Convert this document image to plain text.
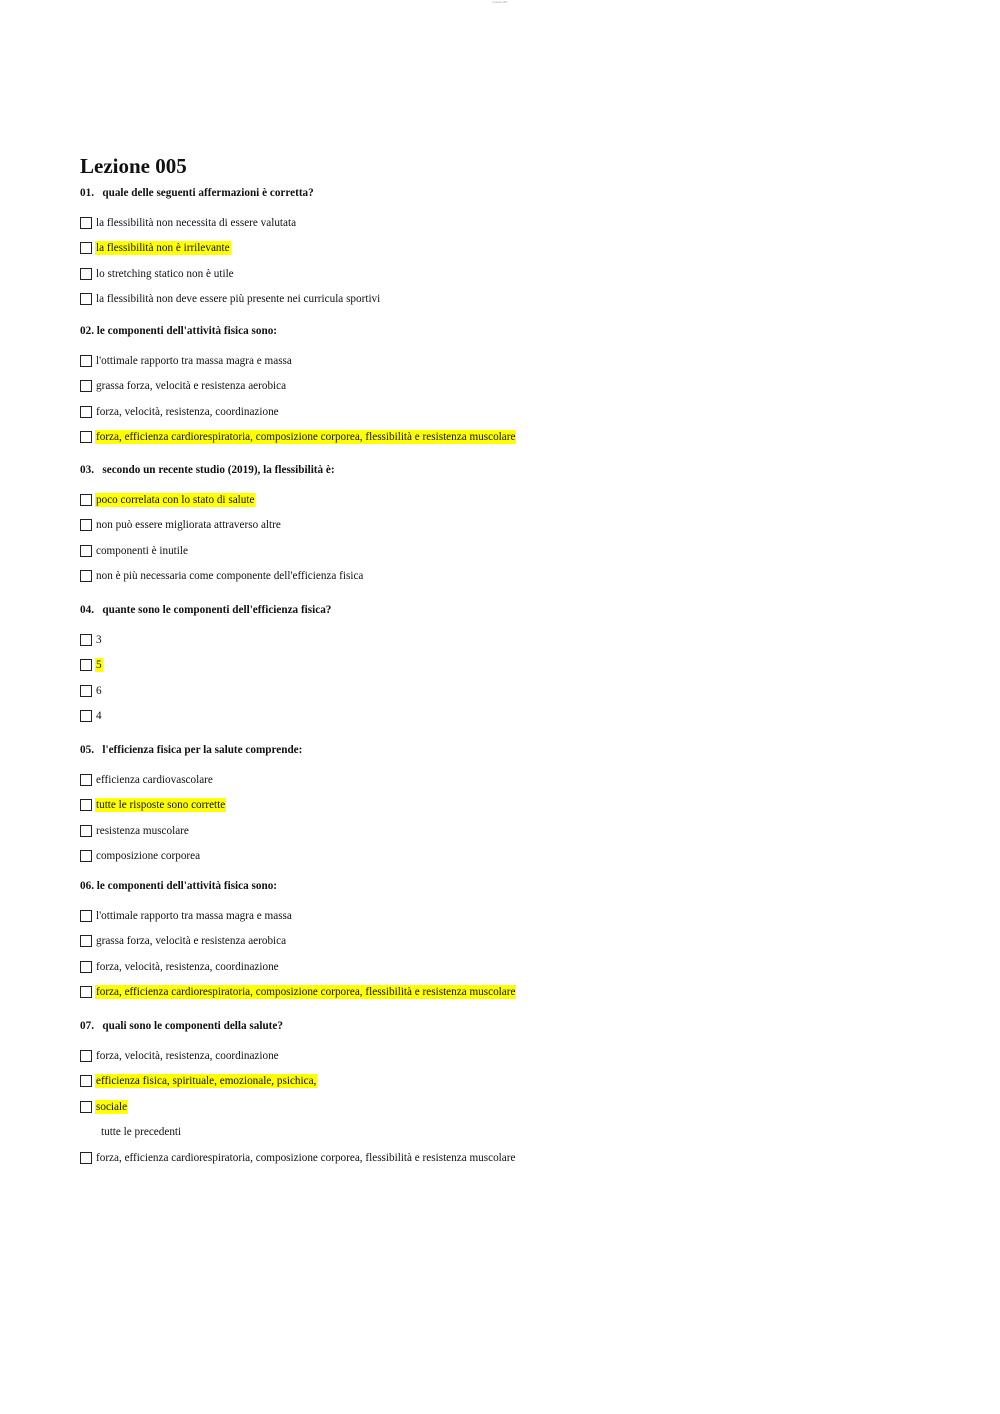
Lezione 005
Lezione 005

01. quale delle seguenti affermazioni è corretta?

la flessibilità non necessita di essere valutata
la flessibilità non è irrilevante
lo stretching statico non è utile
la flessibilità non deve essere più presente nei curricula sportivi

02. le componenti dell'attività fisica sono:

l'ottimale rapporto tra massa magra e massa
grassa forza, velocità e resistenza aerobica
forza, velocità, resistenza, coordinazione
forza, efficienza cardiorespiratoria, composizione corporea, flessibilità e resistenza muscolare

03. secondo un recente studio (2019), la flessibilità è:

poco correlata con lo stato di salute
non può essere migliorata attraverso altre
componenti è inutile
non è più necessaria come componente dell'efficienza fisica

04. quante sono le componenti dell'efficienza fisica?

3
5
6
4

05. l'efficienza fisica per la salute comprende:

efficienza cardiovascolare
tutte le risposte sono corrette
resistenza muscolare
composizione corporea

06. le componenti dell'attività fisica sono:

l'ottimale rapporto tra massa magra e massa
grassa forza, velocità e resistenza aerobica
forza, velocità, resistenza, coordinazione
forza, efficienza cardiorespiratoria, composizione corporea, flessibilità e resistenza muscolare

07. quali sono le componenti della salute?

forza, velocità, resistenza, coordinazione
efficienza fisica, spirituale, emozionale, psichica,
sociale
tutte le precedenti
forza, efficienza cardiorespiratoria, composizione corporea, flessibilità e resistenza muscolare
